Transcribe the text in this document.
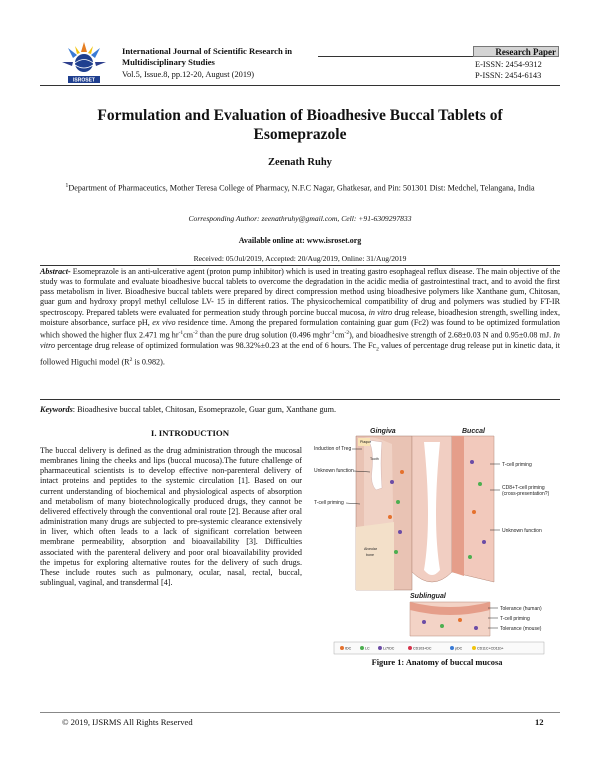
ISROSET
International Journal of Scientific Research in
Multidisciplinary Studies
Vol.5, Issue.8, pp.12-20, August (2019)
Research Paper
E-ISSN: 2454-9312
P-ISSN: 2454-6143
Formulation and Evaluation of Bioadhesive Buccal Tablets of Esomeprazole
Zeenath Ruhy
$^1$Department of Pharmaceutics, Mother Teresa College of Pharmacy, N.F.C Nagar, Ghatkesar, and Pin: 501301 Dist: Medchel, Telangana, India
Corresponding Author: zeenathruhy@gmail.com, Cell: +91-6309297833
Available online at: www.isroset.org
Received: 05/Jul/2019, Accepted: 20/Aug/2019, Online: 31/Aug/2019
Abstract- Esomeprazole is an anti-ulcerative agent (proton pump inhibitor) which is used in treating gastro esophageal reflux disease. The main objective of the study was to formulate and evaluate bioadhesive buccal tablets to overcome the degradation in the acidic media of gastrointestinal tract, and to avoid the first pass metabolism in liver. Bioadhesive buccal tablets were prepared by direct compression method using bioadhesive polymers like Xanthane gum, Chitosan, guar gum and hydroxy propyl methyl cellulose LV- 15 in different ratios. The physicochemical compatibility of drug and polymers was studied by FT-IR spectroscopy. Prepared tablets were evaluated for permeation study through porcine buccal mucosa, in vitro drug release, bioadhesion strength, swelling index, moisture absorbance, surface pH, ex vivo residence time. Among the prepared formulation containing guar gum (Fc2) was found to be optimized formulation which showed the higher flux 2.471 mg $hr^{-1}cm^{-2}$ than the pure drug solution (0.496 $mghr^{-1}cm^{-2}$), and bioadhesive strength of 2.68±0.03 N and 0.95±0.08 mJ. In vitro percentage drug release of optimized formulation was 98.32%±0.23 at the end of 6 hours. The $Fc_2$ values of percentage drug release put in kinetic data, it followed Higuchi model ($R^2$ is 0.982).
Keywords: Bioadhesive buccal tablet, Chitosan, Esomeprazole, Guar gum, Xanthane gum.
I. INTRODUCTION
The buccal delivery is defined as the drug administration through the mucosal membranes lining the cheeks and lips (buccal mucosa).The future challenge of pharmaceutical scientists is to develop effective non-parenteral delivery of intact proteins and peptides to the systemic circulation [1]. Based on our current understanding of biochemical and physiological aspects of absorption and metabolism of many biotechnologically produced drugs, they cannot be delivered effectively through the conventional oral route [2]. Because after oral administration many drugs are subjected to pre-systemic clearance extensively in liver, which often leads to a lack of significant correlation between membrane permeability, absorption and bioavailability [3]. Difficulties associated with the parenteral delivery and poor oral bioavailability provided the impetus for exploring alternative routes for the delivery of such drugs. These include routes such as pulmonary, ocular, nasal, rectal, buccal, sublingual, vaginal, and transdermal [4].
Gingiva
Plaque
Tooth
Alveolar
bone
Induction of Treg
Unknown function
T-cell priming
Buccal
T-cell priming
CD8+T-cell priming
(cross-presentation?)
Unknown function
Sublingual
Tolerance (human)
T-cell priming
Tolerance (mouse)
IDC	LC	Lc*IDC	CD103+DC	pDC	CD11C+CD11b+
Figure 1: Anatomy of buccal mucosa
© 2019, IJSRMS All Rights Reserved	12
